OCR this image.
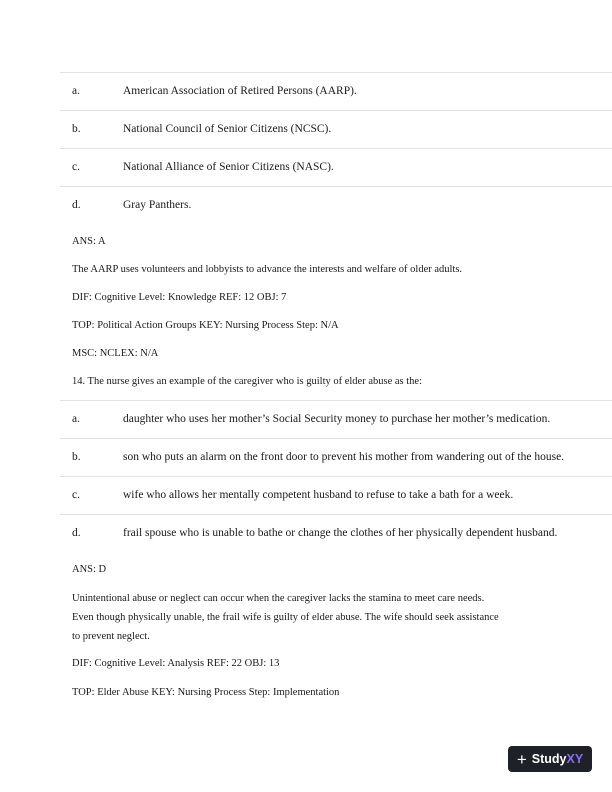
a.	American Association of Retired Persons (AARP).
b.	National Council of Senior Citizens (NCSC).
c.	National Alliance of Senior Citizens (NASC).
d.	Gray Panthers.
ANS: A
The AARP uses volunteers and lobbyists to advance the interests and welfare of older adults.
DIF: Cognitive Level: Knowledge REF: 12 OBJ: 7
TOP: Political Action Groups KEY: Nursing Process Step: N/A
MSC: NCLEX: N/A
14. The nurse gives an example of the caregiver who is guilty of elder abuse as the:
a.	daughter who uses her mother’s Social Security money to purchase her mother’s medication.
b.	son who puts an alarm on the front door to prevent his mother from wandering out of the house.
c.	wife who allows her mentally competent husband to refuse to take a bath for a week.
d.	frail spouse who is unable to bathe or change the clothes of her physically dependent husband.
ANS: D
Unintentional abuse or neglect can occur when the caregiver lacks the stamina to meet care needs.
Even though physically unable, the frail wife is guilty of elder abuse. The wife should seek assistance
to prevent neglect.
DIF: Cognitive Level: Analysis REF: 22 OBJ: 13
TOP: Elder Abuse KEY: Nursing Process Step: Implementation
+ Study XY
